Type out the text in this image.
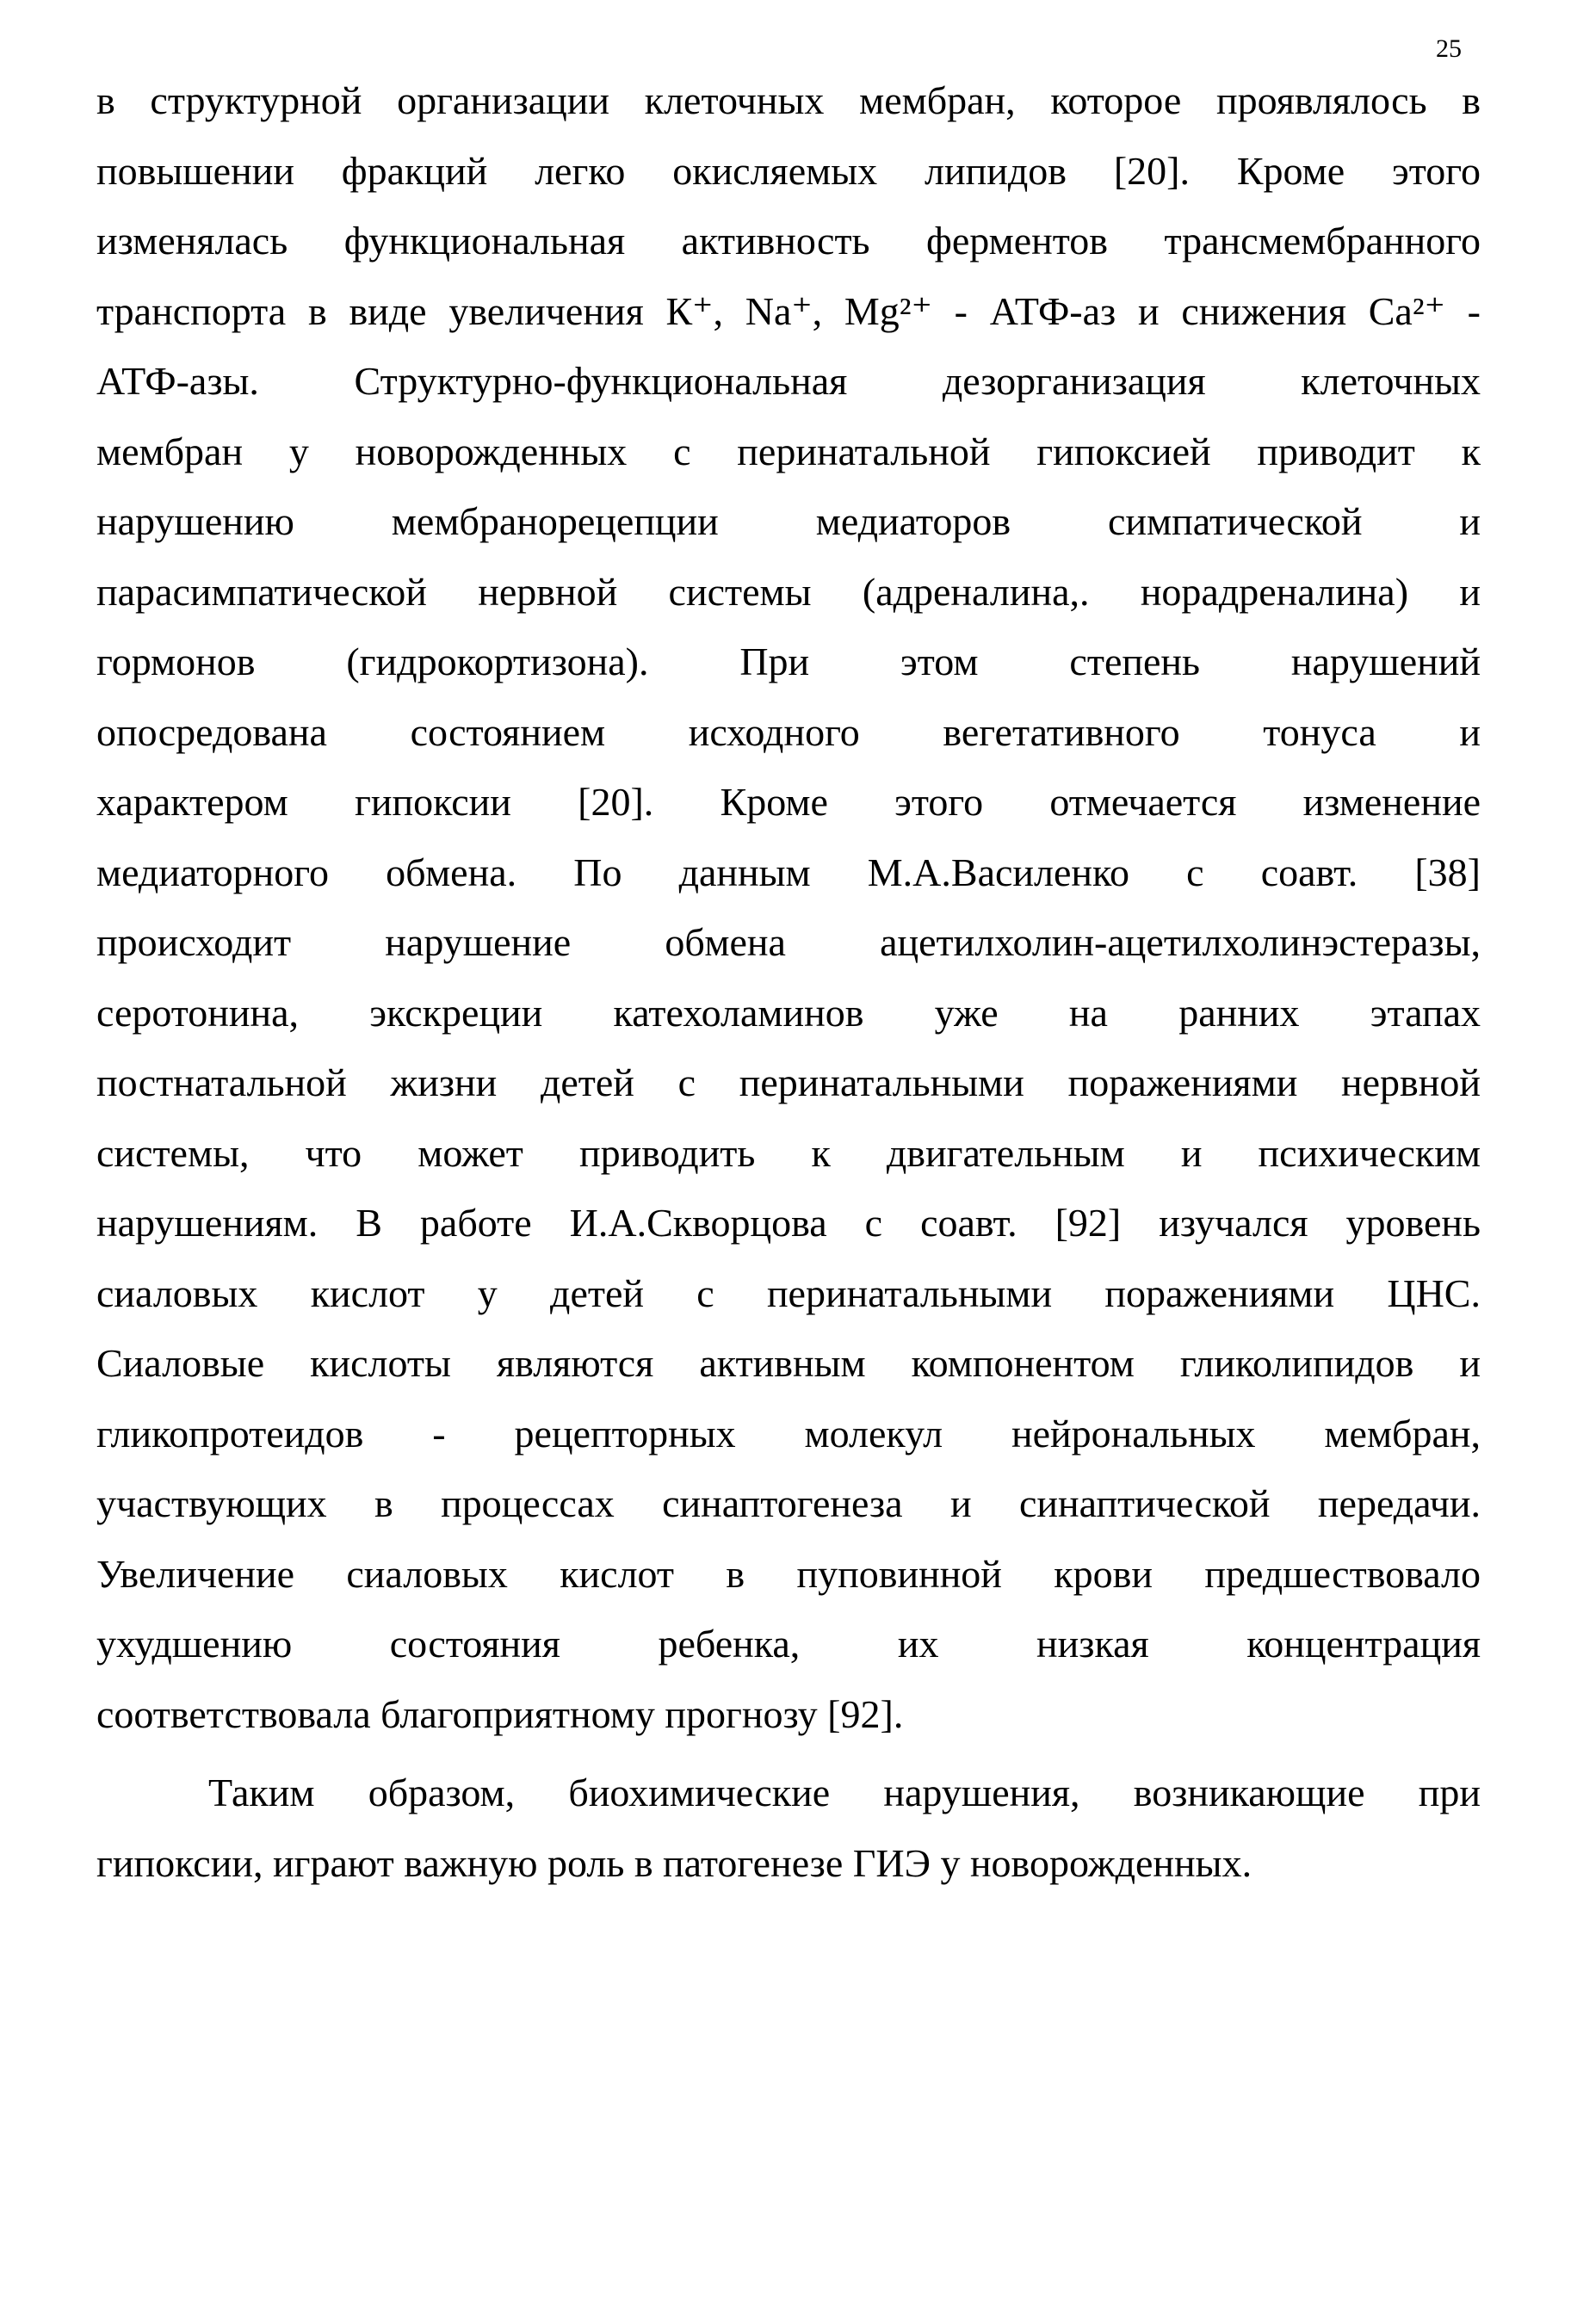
25
в структурной организации клеточных мембран, которое проявлялось в
повышении фракций легко окисляемых липидов [20]. Кроме этого
изменялась функциональная активность ферментов трансмембранного
транспорта в виде увеличения К⁺, Na⁺, Mg²⁺ - АТФ-аз и снижения Са²⁺ -
АТФ-азы. Структурно-функциональная дезорганизация клеточных
мембран у новорожденных с перинатальной гипоксией приводит к
нарушению мембранорецепции медиаторов симпатической и
парасимпатической нервной системы (адреналина,. норадреналина) и
гормонов (гидрокортизона). При этом степень нарушений
опосредована состоянием исходного вегетативного тонуса и
характером гипоксии [20]. Кроме этого отмечается изменение
медиаторного обмена. По данным М.А.Василенко с соавт. [38]
происходит нарушение обмена ацетилхолин-ацетилхолинэстеразы,
серотонина, экскреции катехоламинов уже на ранних этапах
постнатальной жизни детей с перинатальными поражениями нервной
системы, что может приводить к двигательным и психическим
нарушениям. В работе И.А.Скворцова с соавт. [92] изучался уровень
сиаловых кислот у детей с перинатальными поражениями ЦНС.
Сиаловые кислоты являются активным компонентом гликолипидов и
гликопротеидов - рецепторных молекул нейрональных мембран,
участвующих в процессах синаптогенеза и синаптической передачи.
Увеличение сиаловых кислот в пуповинной крови предшествовало
ухудшению состояния ребенка, их низкая концентрация
соответствовала благоприятному прогнозу [92].
Таким образом, биохимические нарушения, возникающие при
гипоксии, играют важную роль в патогенезе ГИЭ у новорожденных.
